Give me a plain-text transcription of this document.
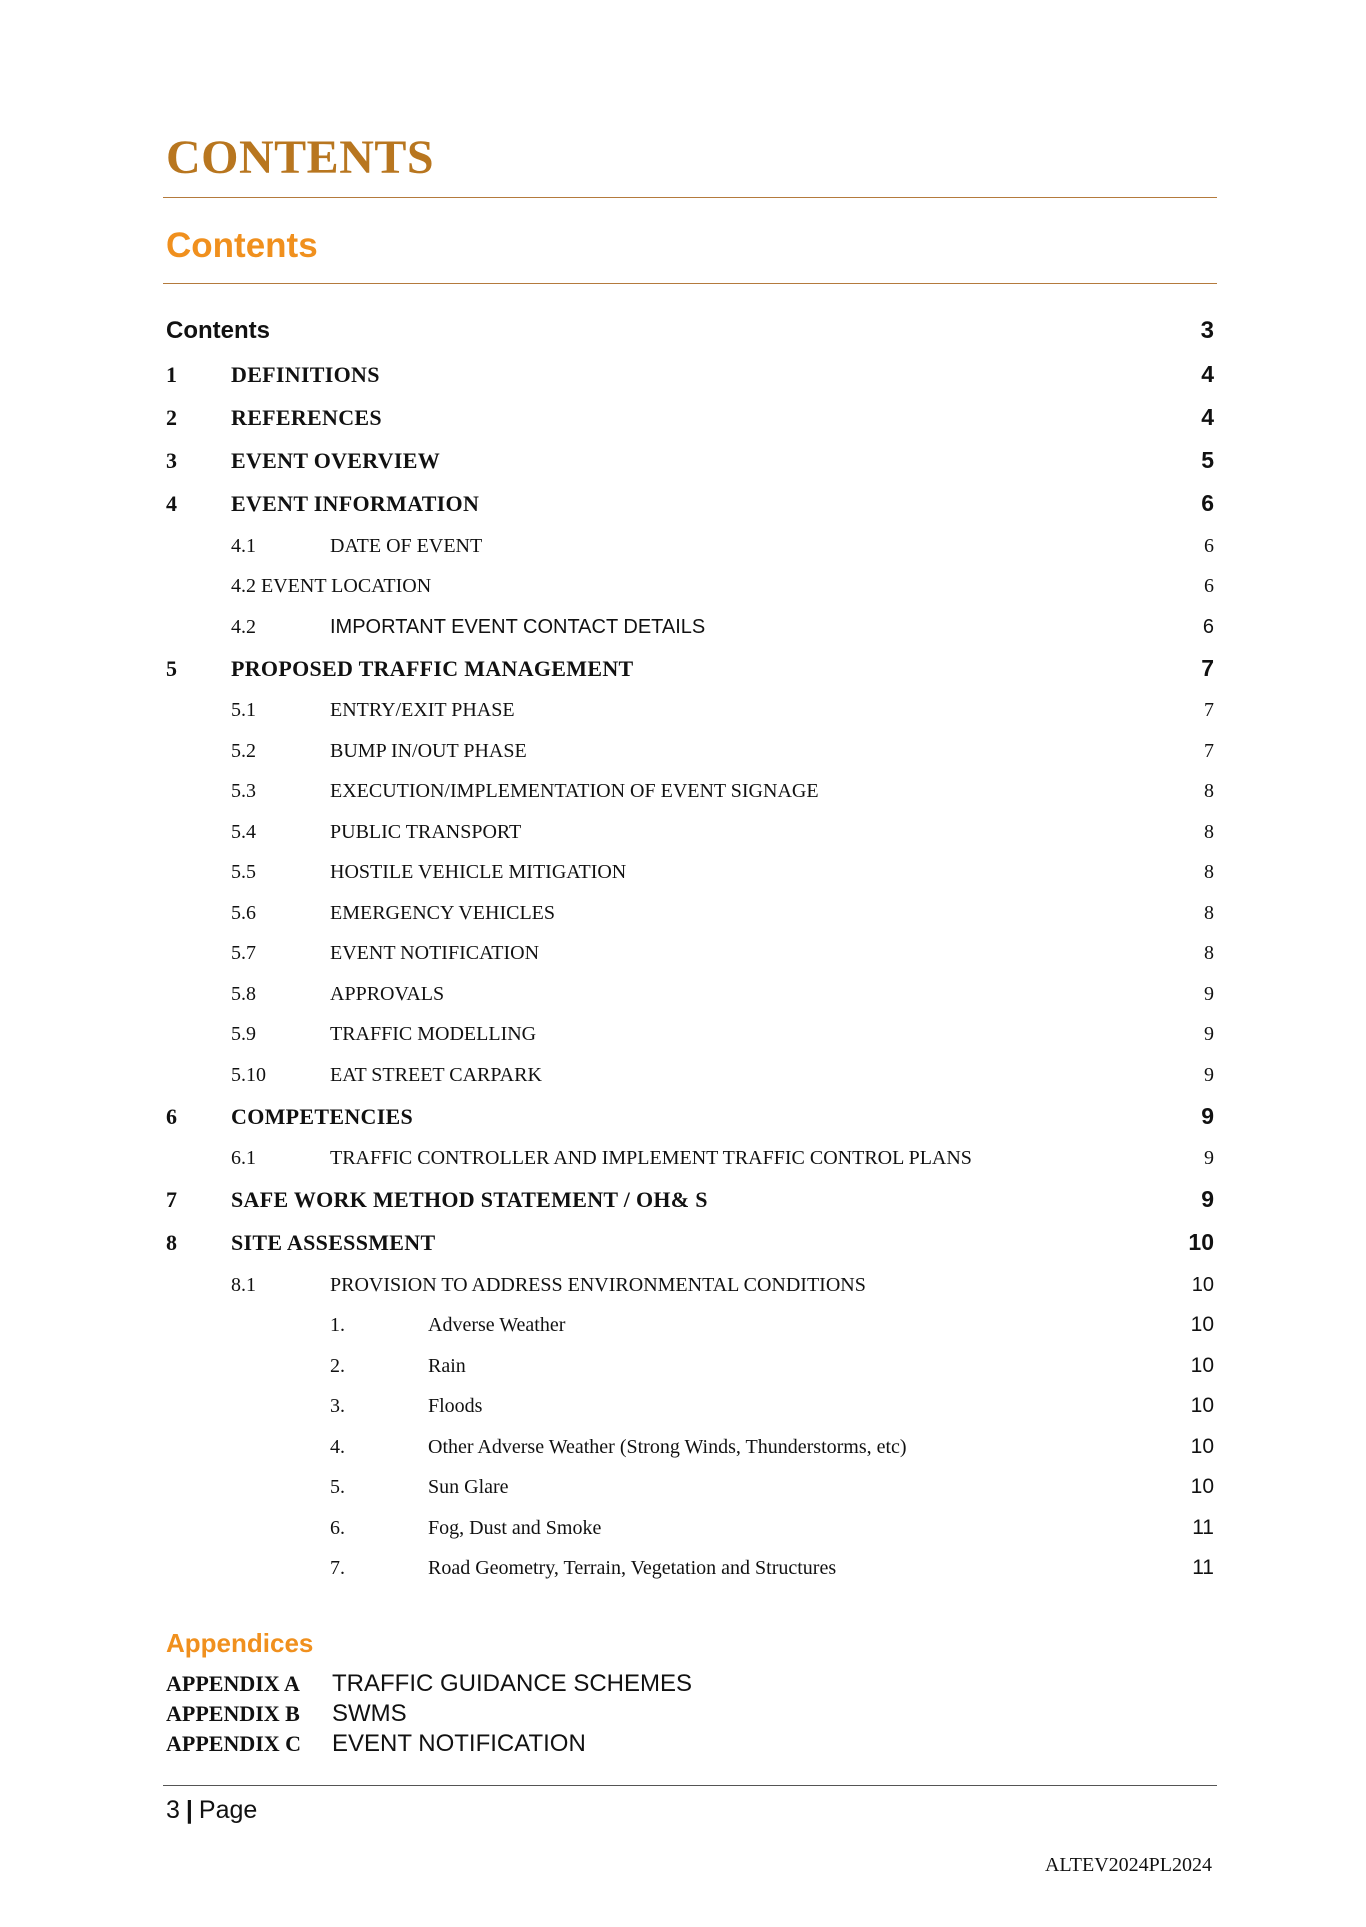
CONTENTS
Contents
Contents	3
1 DEFINITIONS	4
2 REFERENCES	4
3 EVENT OVERVIEW	5
4 EVENT INFORMATION	6
4.1	DATE OF EVENT	6
4.2 EVENT LOCATION	6
4.2	IMPORTANT EVENT CONTACT DETAILS	6
5 PROPOSED TRAFFIC MANAGEMENT	7
5.1	ENTRY/EXIT PHASE	7
5.2	BUMP IN/OUT PHASE	7
5.3	EXECUTION/IMPLEMENTATION OF EVENT SIGNAGE	8
5.4	PUBLIC TRANSPORT	8
5.5	HOSTILE VEHICLE MITIGATION	8
5.6	EMERGENCY VEHICLES	8
5.7	EVENT NOTIFICATION	8
5.8	APPROVALS	9
5.9	TRAFFIC MODELLING	9
5.10	EAT STREET CARPARK	9
6 COMPETENCIES	9
6.1	TRAFFIC CONTROLLER AND IMPLEMENT TRAFFIC CONTROL PLANS	9
7 SAFE WORK METHOD STATEMENT / OH& S	9
8 SITE ASSESSMENT	10
8.1	PROVISION TO ADDRESS ENVIRONMENTAL CONDITIONS	10
1.	Adverse Weather	10
2.	Rain	10
3.	Floods	10
4.	Other Adverse Weather (Strong Winds, Thunderstorms, etc)	10
5.	Sun Glare	10
6.	Fog, Dust and Smoke	11
7.	Road Geometry, Terrain, Vegetation and Structures	11
Appendices
APPENDIX A TRAFFIC GUIDANCE SCHEMES
APPENDIX B SWMS
APPENDIX C EVENT NOTIFICATION
3 | Page
ALTEV2024PL2024
